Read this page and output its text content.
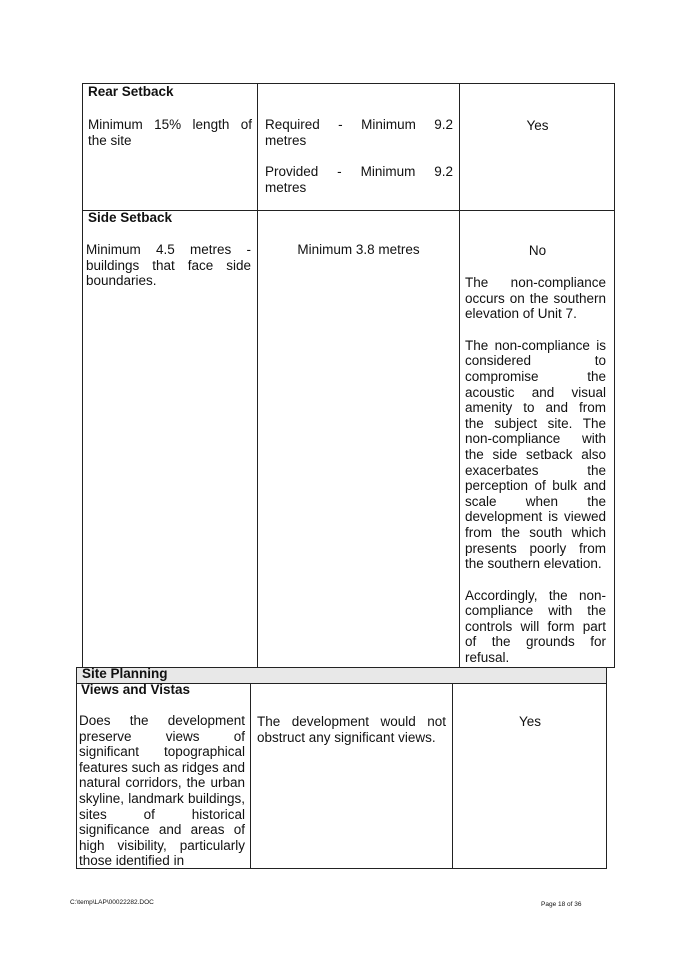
Rear Setback
Minimum 15% length of
the site
Required - Minimum 9.2
metres
Provided - Minimum 9.2
metres
Yes
Side Setback
Minimum 4.5 metres -
buildings that face side
boundaries.
Minimum 3.8 metres	No

The non-compliance occurs on the southern elevation of Unit 7.

The non-compliance is considered to compromise the acoustic and visual amenity to and from the subject site. The non-compliance with the side setback also exacerbates the perception of bulk and scale when the development is viewed from the south which presents poorly from the southern elevation.

Accordingly, the non-compliance with the controls will form part of the grounds for refusal.

Site Planning
Views and Vistas
Does the development preserve views of significant topographical features such as ridges and natural corridors, the urban skyline, landmark buildings, sites of historical significance and areas of high visibility, particularly those identified in
The development would not obstruct any significant views.
Yes
C:\temp\LAP\00022282.DOC	Page 18 of 36
